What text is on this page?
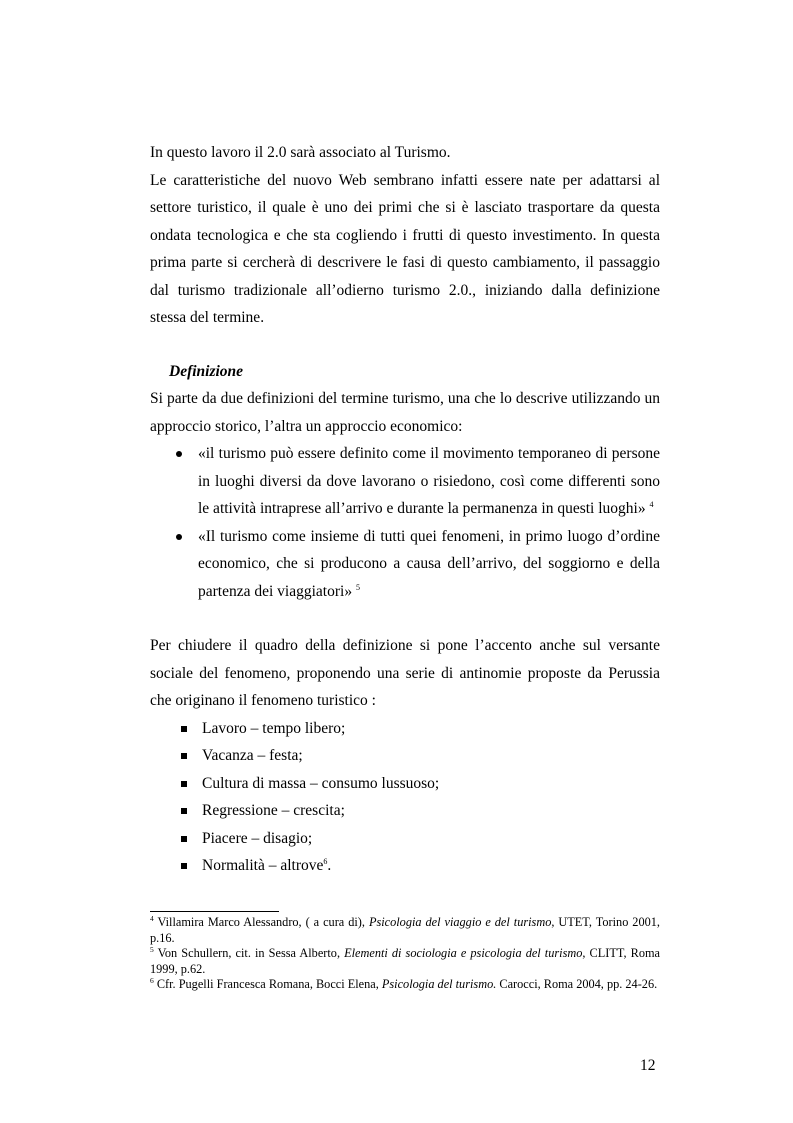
In questo lavoro il 2.0 sarà associato al Turismo.

Le caratteristiche del nuovo Web sembrano infatti essere nate per adattarsi al settore turistico, il quale è uno dei primi che si è lasciato trasportare da questa ondata tecnologica e che sta cogliendo i frutti di questo investimento. In questa prima parte si cercherà di descrivere le fasi di questo cambiamento, il passaggio dal turismo tradizionale all’odierno turismo 2.0., iniziando dalla definizione stessa del termine.

Definizione

Si parte da due definizioni del termine turismo, una che lo descrive utilizzando un approccio storico, l’altra un approccio economico:

«il turismo può essere definito come il movimento temporaneo di persone in luoghi diversi da dove lavorano o risiedono, così come differenti sono le attività intraprese all’arrivo e durante la permanenza in questi luoghi» $^4$
«Il turismo come insieme di tutti quei fenomeni, in primo luogo d’ordine economico, che si producono a causa dell’arrivo, del soggiorno e della partenza dei viaggiatori» $^5$

Per chiudere il quadro della definizione si pone l’accento anche sul versante sociale del fenomeno, proponendo una serie di antinomie proposte da Perussia che originano il fenomeno turistico :

Lavoro – tempo libero;
Vacanza – festa;
Cultura di massa – consumo lussuoso;
Regressione – crescita;
Piacere – disagio;
Normalità – altrove$^6$.

$^4$ Villamira Marco Alessandro, ( a cura di), Psicologia del viaggio e del turismo, UTET, Torino 2001, p.16.

$^5$ Von Schullern, cit. in Sessa Alberto, Elementi di sociologia e psicologia del turismo, CLITT, Roma 1999, p.62.

$^6$ Cfr. Pugelli Francesca Romana, Bocci Elena, Psicologia del turismo. Carocci, Roma 2004, pp. 24-26.

12
